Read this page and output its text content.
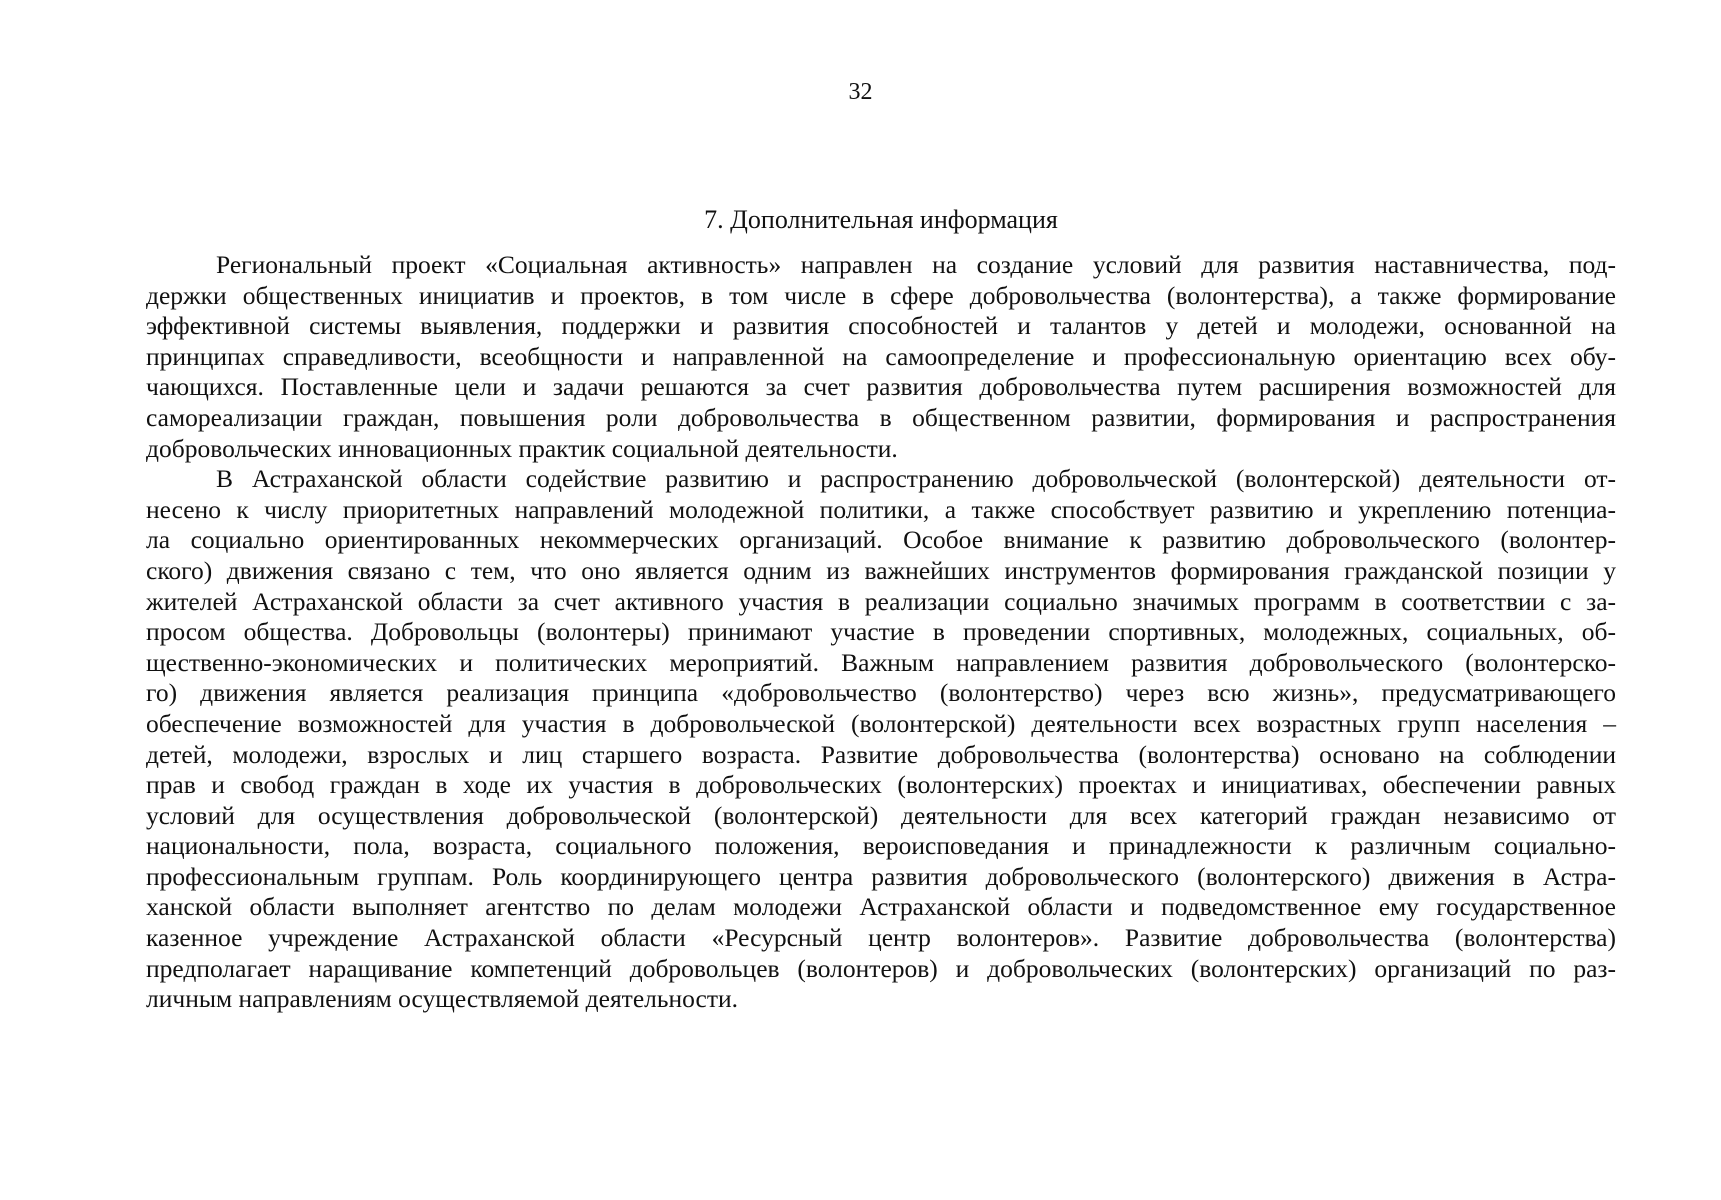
32
7. Дополнительная информация
Региональный проект «Социальная активность» направлен на создание условий для развития наставничества, под-
держки общественных инициатив и проектов, в том числе в сфере добровольчества (волонтерства), а также формирование
эффективной системы выявления, поддержки и развития способностей и талантов у детей и молодежи, основанной на
принципах справедливости, всеобщности и направленной на самоопределение и профессиональную ориентацию всех обу-
чающихся. Поставленные цели и задачи решаются за счет развития добровольчества путем расширения возможностей для
самореализации граждан, повышения роли добровольчества в общественном развитии, формирования и распространения
добровольческих инновационных практик социальной деятельности.
В Астраханской области содействие развитию и распространению добровольческой (волонтерской) деятельности от-
несено к числу приоритетных направлений молодежной политики, а также способствует развитию и укреплению потенциа-
ла социально ориентированных некоммерческих организаций. Особое внимание к развитию добровольческого (волонтер-
ского) движения связано с тем, что оно является одним из важнейших инструментов формирования гражданской позиции у
жителей Астраханской области за счет активного участия в реализации социально значимых программ в соответствии с за-
просом общества. Добровольцы (волонтеры) принимают участие в проведении спортивных, молодежных, социальных, об-
щественно-экономических и политических мероприятий. Важным направлением развития добровольческого (волонтерско-
го) движения является реализация принципа «добровольчество (волонтерство) через всю жизнь», предусматривающего
обеспечение возможностей для участия в добровольческой (волонтерской) деятельности всех возрастных групп населения –
детей, молодежи, взрослых и лиц старшего возраста. Развитие добровольчества (волонтерства) основано на соблюдении
прав и свобод граждан в ходе их участия в добровольческих (волонтерских) проектах и инициативах, обеспечении равных
условий для осуществления добровольческой (волонтерской) деятельности для всех категорий граждан независимо от
национальности, пола, возраста, социального положения, вероисповедания и принадлежности к различным социально-
профессиональным группам. Роль координирующего центра развития добровольческого (волонтерского) движения в Астра-
ханской области выполняет агентство по делам молодежи Астраханской области и подведомственное ему государственное
казенное учреждение Астраханской области «Ресурсный центр волонтеров». Развитие добровольчества (волонтерства)
предполагает наращивание компетенций добровольцев (волонтеров) и добровольческих (волонтерских) организаций по раз-
личным направлениям осуществляемой деятельности.
